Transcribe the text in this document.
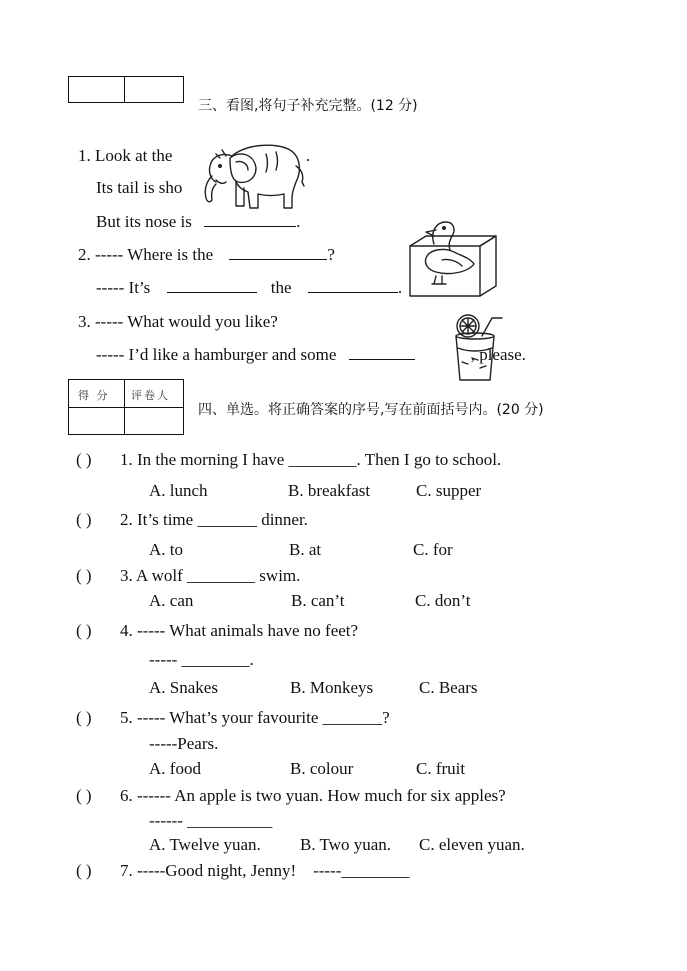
三、看图,将句子补充完整。(12 分)
1. Look at the	.
Its tail is sho
But its nose is	.
2. ----- Where is the	?
----- It’s	the	.
3. ----- What would you like?
----- I’d like a hamburger and some	, please.
得 分 评卷人
四、单选。将正确答案的序号,写在前面括号内。(20 分)
( ) 1. In the morning I have ________. Then I go to school.
A. lunch	B. breakfast	C. supper
( ) 2. It’s time _______ dinner.
A. to	B. at	C. for
( ) 3. A wolf ________ swim.
A. can	B. can’t	C. don’t
( ) 4. ----- What animals have no feet?
----- ________.
A. Snakes	B. Monkeys	C. Bears
( ) 5. ----- What’s your favourite _______?
-----Pears.
A. food	B. colour	C. fruit
( ) 6. ------ An apple is two yuan. How much for six apples?
------ __________
A. Twelve yuan. B. Two yuan. C. eleven yuan.
( ) 7. -----Good night, Jenny!    -----________
